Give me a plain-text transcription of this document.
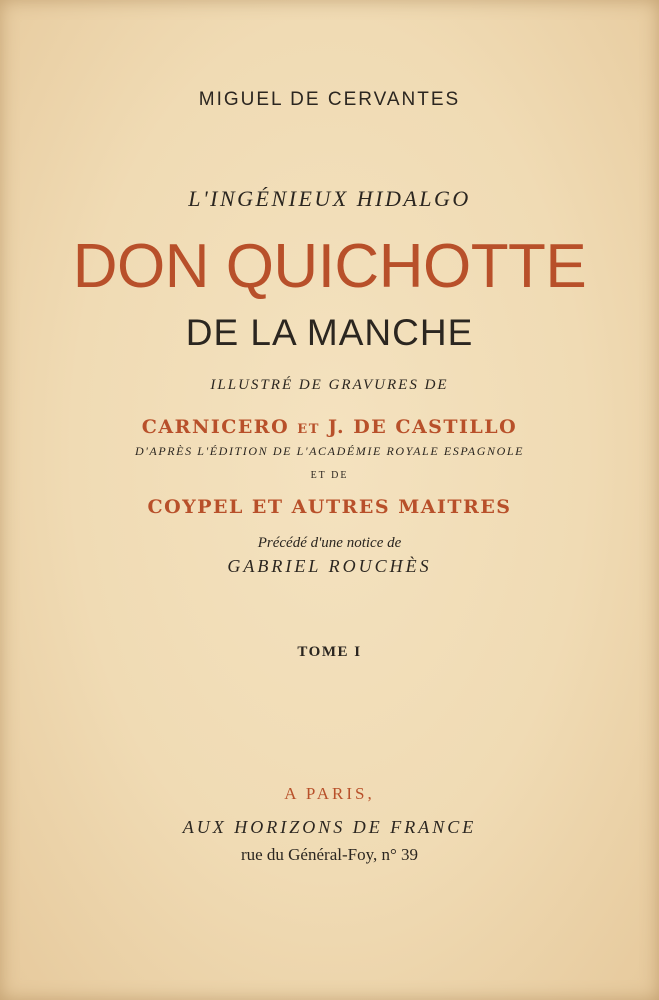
MIGUEL DE CERVANTES
L'INGÉNIEUX HIDALGO
DON QUICHOTTE
DE LA MANCHE
ILLUSTRÉ DE GRAVURES DE
CARNICERO ET J. DE CASTILLO
D'APRÈS L'ÉDITION DE L'ACADÉMIE ROYALE ESPAGNOLE
ET DE
COYPEL ET AUTRES MAITRES
Précédé d'une notice de
GABRIEL ROUCHÈS
TOME I
A PARIS,
AUX HORIZONS DE FRANCE
rue du Général-Foy, n° 39
